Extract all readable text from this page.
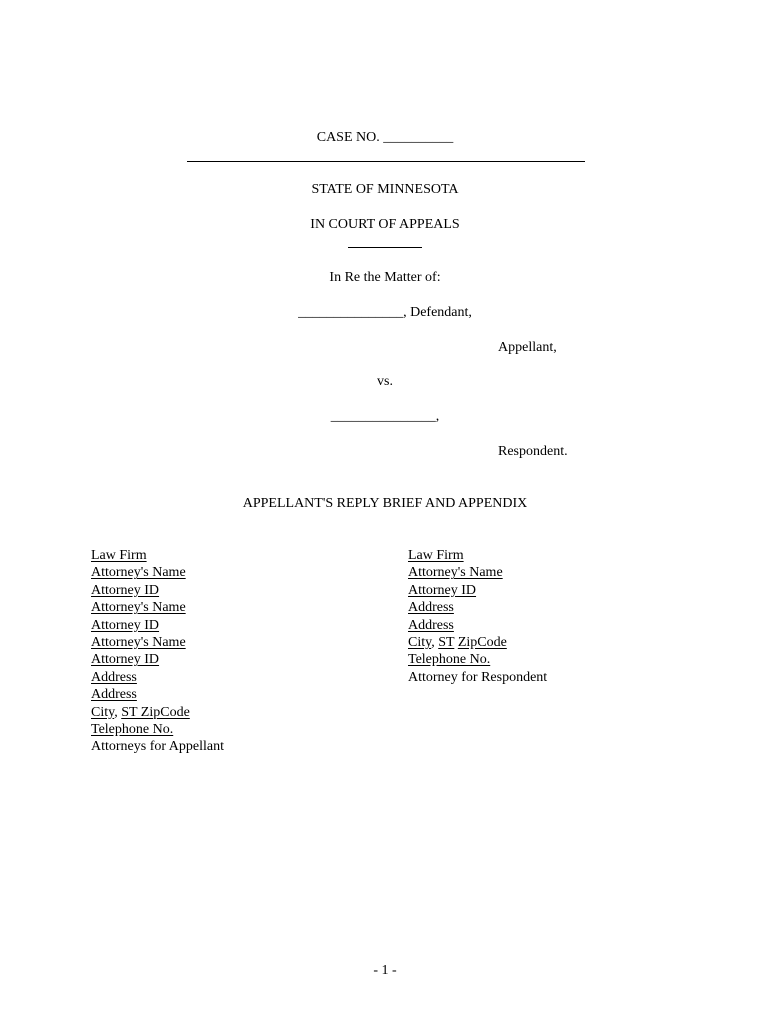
CASE NO. __________
STATE OF MINNESOTA
IN COURT OF APPEALS
In Re the Matter of:
_______________, Defendant,
Appellant,
vs.
_______________,
Respondent.
APPELLANT'S REPLY BRIEF AND APPENDIX
Law Firm
Attorney's Name
Attorney ID
Attorney's Name
Attorney ID
Attorney's Name
Attorney ID
Address
Address
City, ST ZipCode
Telephone No.
Attorneys for Appellant
Law Firm
Attorney's Name
Attorney ID
Address
Address
City, ST ZipCode
Telephone No.
Attorney for Respondent
- 1 -
